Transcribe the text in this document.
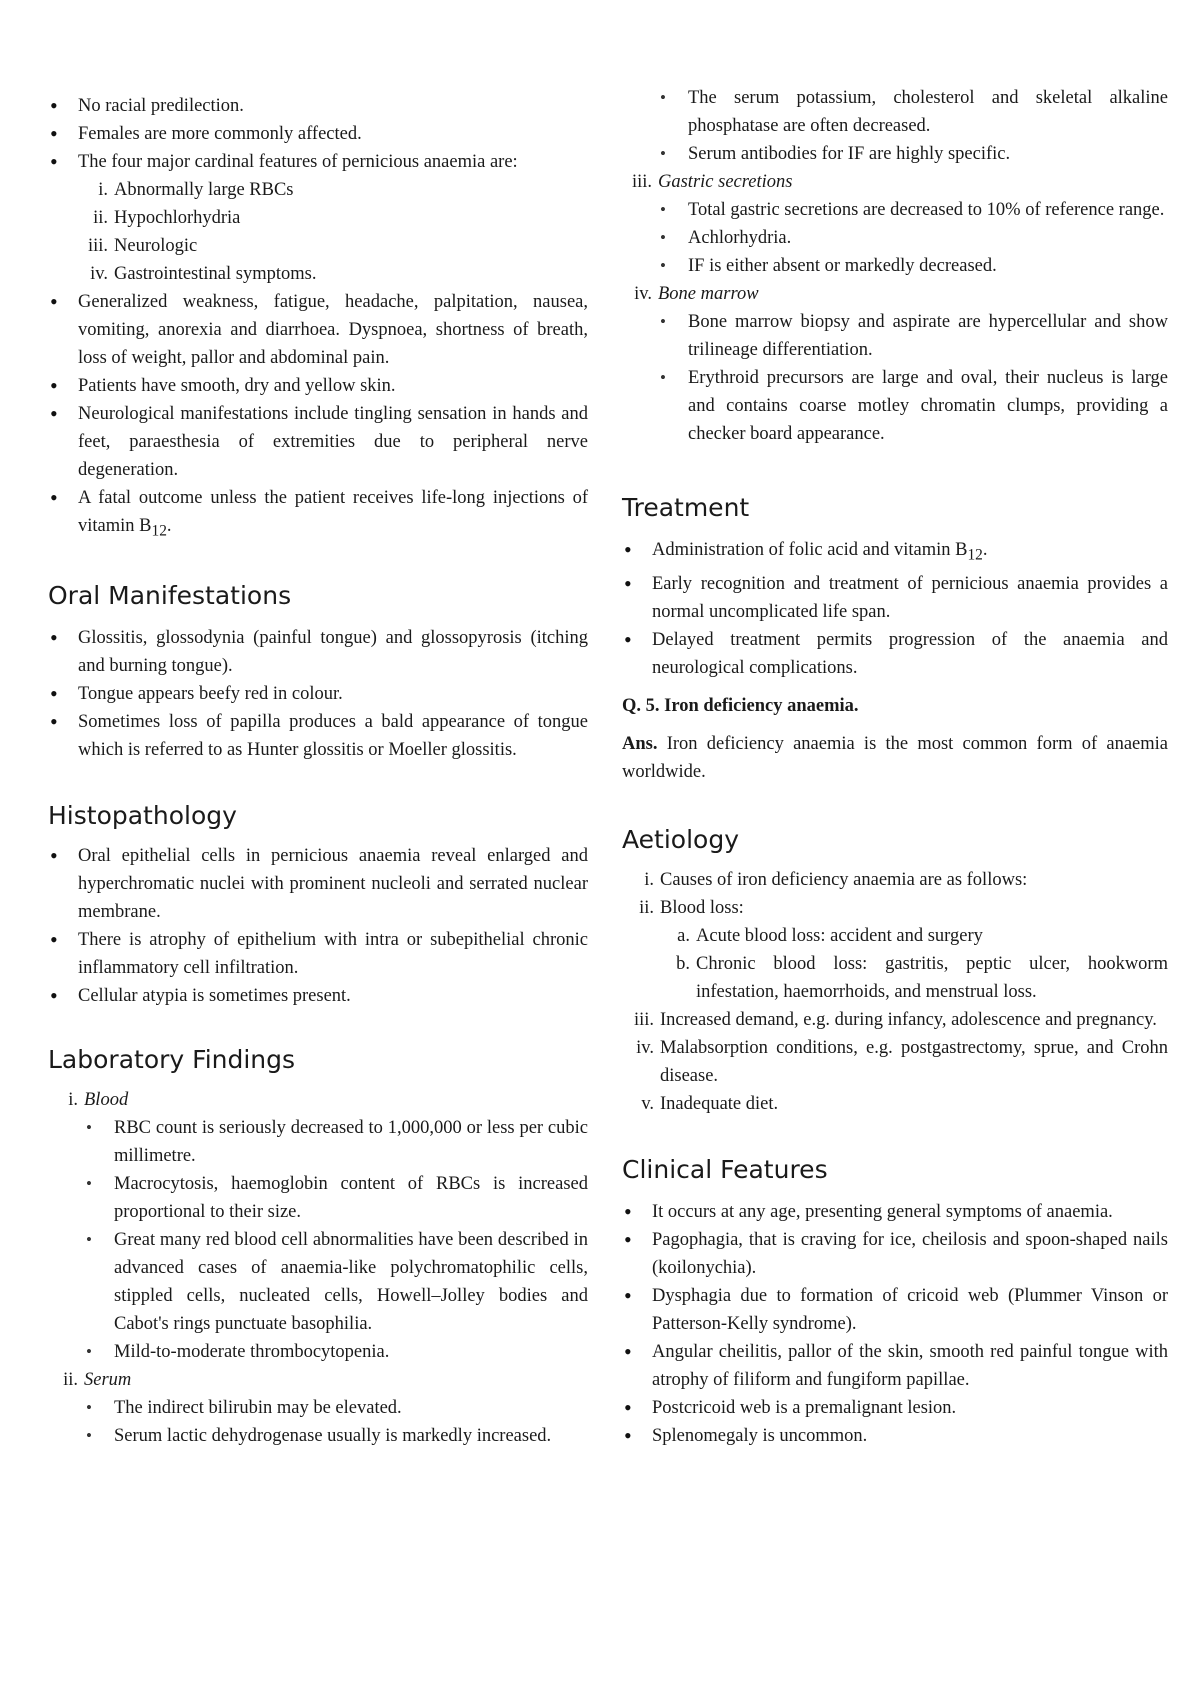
• No racial predilection.
• Females are more commonly affected.
• The four major cardinal features of pernicious anaemia are:
i. Abnormally large RBCs
ii. Hypochlorhydria
iii. Neurologic
iv. Gastrointestinal symptoms.
• Generalized weakness, fatigue, headache, palpitation, nausea, vomiting, anorexia and diarrhoea. Dyspnoea, shortness of breath, loss of weight, pallor and abdominal pain.
• Patients have smooth, dry and yellow skin.
• Neurological manifestations include tingling sensation in hands and feet, paraesthesia of extremities due to peripheral nerve degeneration.
• A fatal outcome unless the patient receives life-long injections of vitamin $B_{12}$.
Oral Manifestations
• Glossitis, glossodynia (painful tongue) and glossopyrosis (itching and burning tongue).
• Tongue appears beefy red in colour.
• Sometimes loss of papilla produces a bald appearance of tongue which is referred to as Hunter glossitis or Moeller glossitis.
Histopathology
• Oral epithelial cells in pernicious anaemia reveal enlarged and hyperchromatic nuclei with prominent nucleoli and serrated nuclear membrane.
• There is atrophy of epithelium with intra or subepithelial chronic inflammatory cell infiltration.
• Cellular atypia is sometimes present.
Laboratory Findings
i. Blood
• RBC count is seriously decreased to 1,000,000 or less per cubic millimetre.
• Macrocytosis, haemoglobin content of RBCs is increased proportional to their size.
• Great many red blood cell abnormalities have been described in advanced cases of anaemia-like polychromatophilic cells, stippled cells, nucleated cells, Howell–Jolley bodies and Cabot's rings punctuate basophilia.
• Mild-to-moderate thrombocytopenia.
ii. Serum
• The indirect bilirubin may be elevated.
• Serum lactic dehydrogenase usually is markedly increased.
• The serum potassium, cholesterol and skeletal alkaline phosphatase are often decreased.
• Serum antibodies for IF are highly specific.
iii. Gastric secretions
• Total gastric secretions are decreased to 10% of reference range.
• Achlorhydria.
• IF is either absent or markedly decreased.
iv. Bone marrow
• Bone marrow biopsy and aspirate are hypercellular and show trilineage differentiation.
• Erythroid precursors are large and oval, their nucleus is large and contains coarse motley chromatin clumps, providing a checker board appearance.
Treatment
• Administration of folic acid and vitamin $B_{12}$.
• Early recognition and treatment of pernicious anaemia provides a normal uncomplicated life span.
• Delayed treatment permits progression of the anaemia and neurological complications.
Q. 5. Iron deficiency anaemia.
Ans. Iron deficiency anaemia is the most common form of anaemia worldwide.
Aetiology
i. Causes of iron deficiency anaemia are as follows:
ii. Blood loss:
a. Acute blood loss: accident and surgery
b. Chronic blood loss: gastritis, peptic ulcer, hookworm infestation, haemorrhoids, and menstrual loss.
iii. Increased demand, e.g. during infancy, adolescence and pregnancy.
iv. Malabsorption conditions, e.g. postgastrectomy, sprue, and Crohn disease.
v. Inadequate diet.
Clinical Features
• It occurs at any age, presenting general symptoms of anaemia.
• Pagophagia, that is craving for ice, cheilosis and spoon-shaped nails (koilonychia).
• Dysphagia due to formation of cricoid web (Plummer Vinson or Patterson-Kelly syndrome).
• Angular cheilitis, pallor of the skin, smooth red painful tongue with atrophy of filiform and fungiform papillae.
• Postcricoid web is a premalignant lesion.
• Splenomegaly is uncommon.
